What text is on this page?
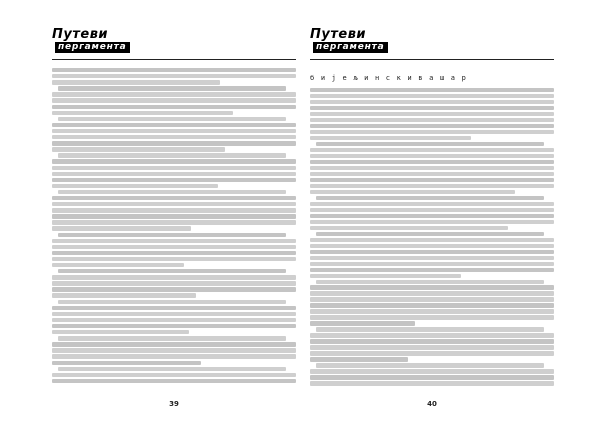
Путеви
пергамента
39
Путеви
пергамента
б и ј е љ и н с к и в а ш а р
40
